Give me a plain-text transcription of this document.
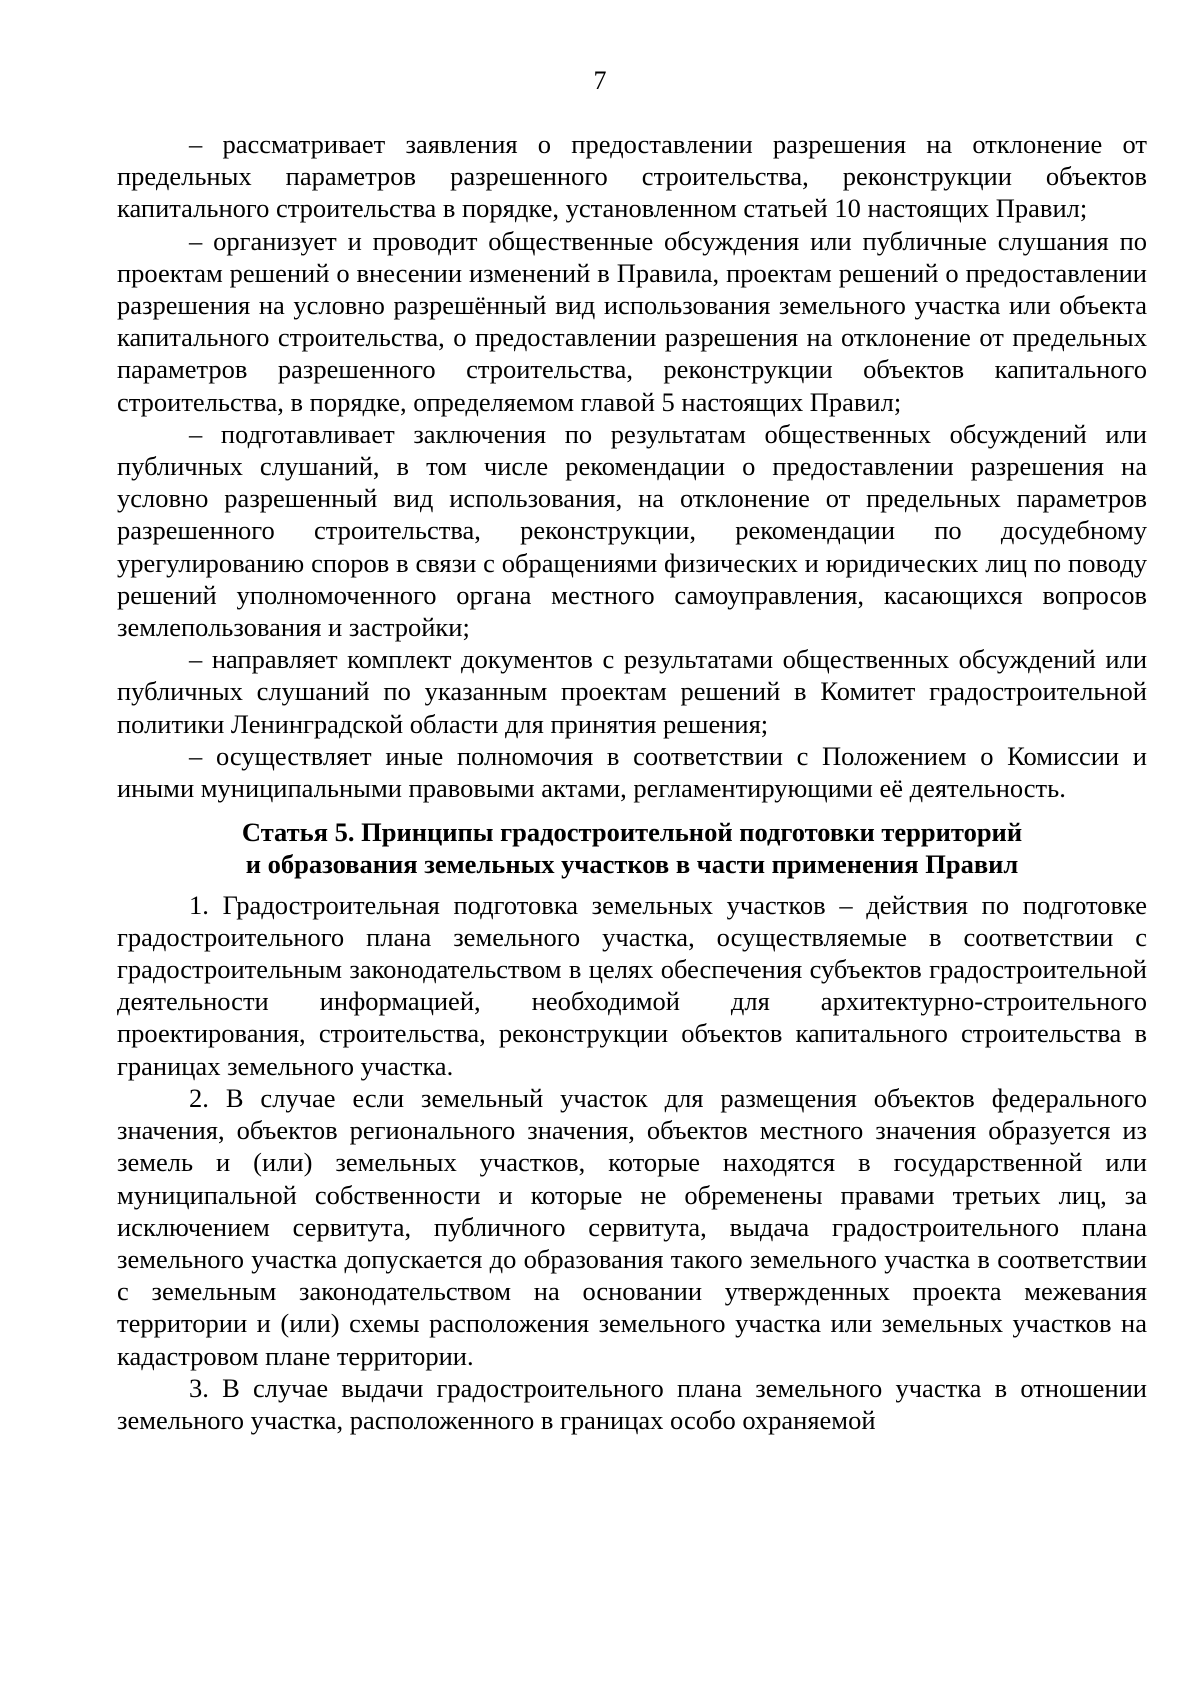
7

– рассматривает заявления о предоставлении разрешения на отклонение от предельных параметров разрешенного строительства, реконструкции объектов капитального строительства в порядке, установленном статьей 10 настоящих Правил;

– организует и проводит общественные обсуждения или публичные слушания по проектам решений о внесении изменений в Правила, проектам решений о предоставлении разрешения на условно разрешённый вид использования земельного участка или объекта капитального строительства, о предоставлении разрешения на отклонение от предельных параметров разрешенного строительства, реконструкции объектов капитального строительства, в порядке, определяемом главой 5 настоящих Правил;

– подготавливает заключения по результатам общественных обсуждений или публичных слушаний, в том числе рекомендации о предоставлении разрешения на условно разрешенный вид использования, на отклонение от предельных параметров разрешенного строительства, реконструкции, рекомендации по досудебному урегулированию споров в связи с обращениями физических и юридических лиц по поводу решений уполномоченного органа местного самоуправления, касающихся вопросов землепользования и застройки;

– направляет комплект документов с результатами общественных обсуждений или публичных слушаний по указанным проектам решений в Комитет градостроительной политики Ленинградской области для принятия решения;

– осуществляет иные полномочия в соответствии с Положением о Комиссии и иными муниципальными правовыми актами, регламентирующими её деятельность.

Статья 5. Принципы градостроительной подготовки территорий
и образования земельных участков в части применения Правил

1. Градостроительная подготовка земельных участков – действия по подготовке градостроительного плана земельного участка, осуществляемые в соответствии с градостроительным законодательством в целях обеспечения субъектов градостроительной деятельности информацией, необходимой для архитектурно-строительного проектирования, строительства, реконструкции объектов капитального строительства в границах земельного участка.

2. В случае если земельный участок для размещения объектов федерального значения, объектов регионального значения, объектов местного значения образуется из земель и (или) земельных участков, которые находятся в государственной или муниципальной собственности и которые не обременены правами третьих лиц, за исключением сервитута, публичного сервитута, выдача градостроительного плана земельного участка допускается до образования такого земельного участка в соответствии с земельным законодательством на основании утвержденных проекта межевания территории и (или) схемы расположения земельного участка или земельных участков на кадастровом плане территории.

3. В случае выдачи градостроительного плана земельного участка в отношении земельного участка, расположенного в границах особо охраняемой
